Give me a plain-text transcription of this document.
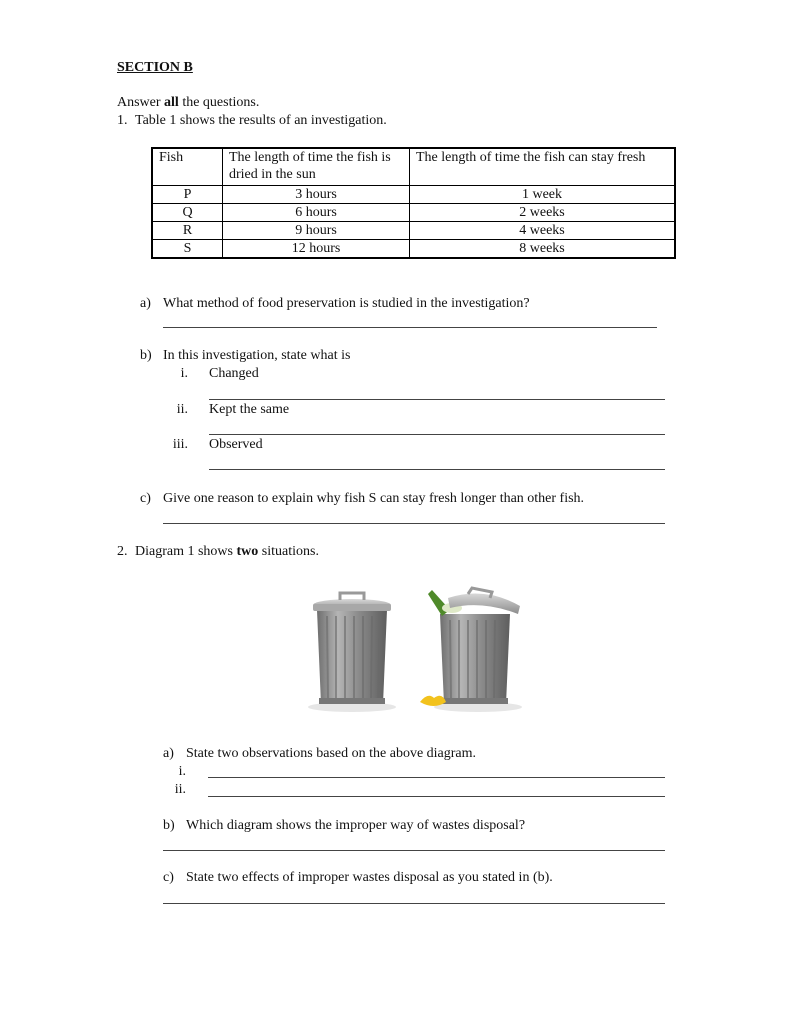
SECTION B
Answer all the questions.
1. Table 1 shows the results of an investigation.
Fish	The length of time the fish is dried in the sun	The length of time the fish can stay fresh
P	3 hours	1 week
Q	6 hours	2 weeks
R	9 hours	4 weeks
S	12 hours	8 weeks
a) What method of food preservation is studied in the investigation?
b) In this investigation, state what is
i. Changed
ii. Kept the same
iii. Observed
c) Give one reason to explain why fish S can stay fresh longer than other fish.
2. Diagram 1 shows two situations.
a) State two observations based on the above diagram.
i.
ii.
b) Which diagram shows the improper way of wastes disposal?
c) State two effects of improper wastes disposal as you stated in (b).
